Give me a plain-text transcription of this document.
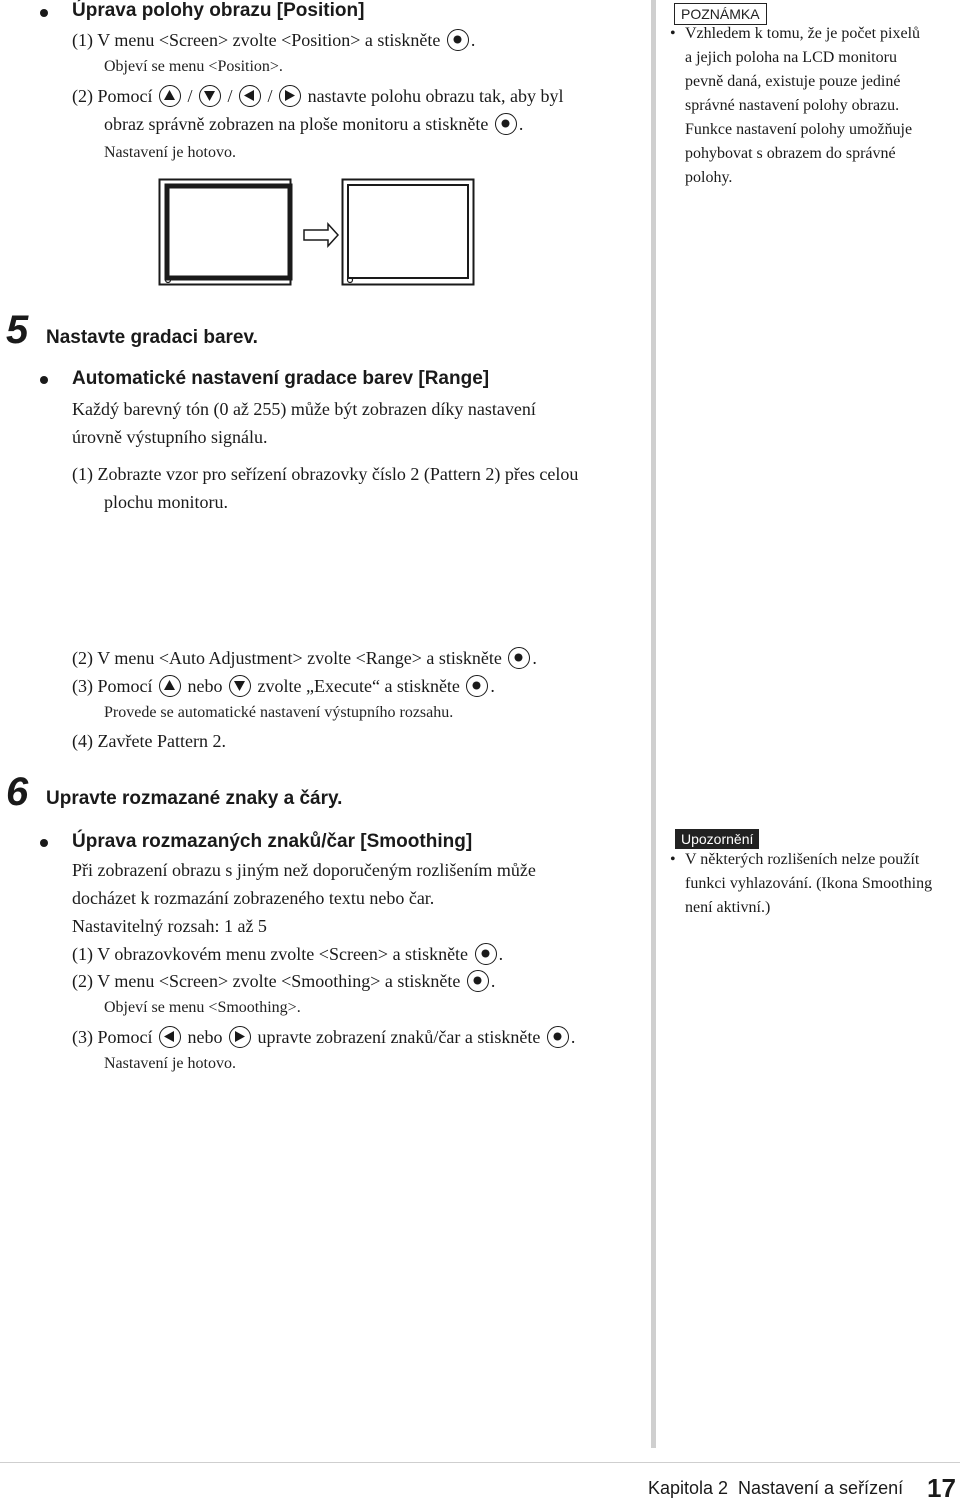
Úprava polohy obrazu [Position]
(1) V menu <Screen> zvolte <Position> a stiskněte .
Objeví se menu <Position>.
(2) Pomocí / / / nastavte polohu obrazu tak, aby byl
obraz správně zobrazen na ploše monitoru a stiskněte .
Nastavení je hotovo.
POZNÁMKA
• Vzhledem k tomu, že je počet pixelů
a jejich poloha na LCD monitoru
pevně daná, existuje pouze jediné
správné nastavení polohy obrazu.
Funkce nastavení polohy umožňuje
pohybovat s obrazem do správné
polohy.
5 Nastavte gradaci barev.
Automatické nastavení gradace barev [Range]
Každý barevný tón (0 až 255) může být zobrazen díky nastavení
úrovně výstupního signálu.
(1) Zobrazte vzor pro seřízení obrazovky číslo 2 (Pattern 2) přes celou
plochu monitoru.
(2) V menu <Auto Adjustment> zvolte <Range> a stiskněte .
(3) Pomocí nebo zvolte „Execute“ a stiskněte .
Provede se automatické nastavení výstupního rozsahu.
(4) Zavřete Pattern 2.
6 Upravte rozmazané znaky a čáry.
Úprava rozmazaných znaků/čar [Smoothing]
Při zobrazení obrazu s jiným než doporučeným rozlišením může
docházet k rozmazání zobrazeného textu nebo čar.
Nastavitelný rozsah: 1 až 5
(1) V obrazovkovém menu zvolte <Screen> a stiskněte .
(2) V menu <Screen> zvolte <Smoothing> a stiskněte .
Objeví se menu <Smoothing>.
(3) Pomocí nebo upravte zobrazení znaků/čar a stiskněte .
Nastavení je hotovo.
Upozornění
• V některých rozlišeních nelze použít
funkci vyhlazování. (Ikona Smoothing
není aktivní.)
Kapitola 2 Nastavení a seřízení 17
